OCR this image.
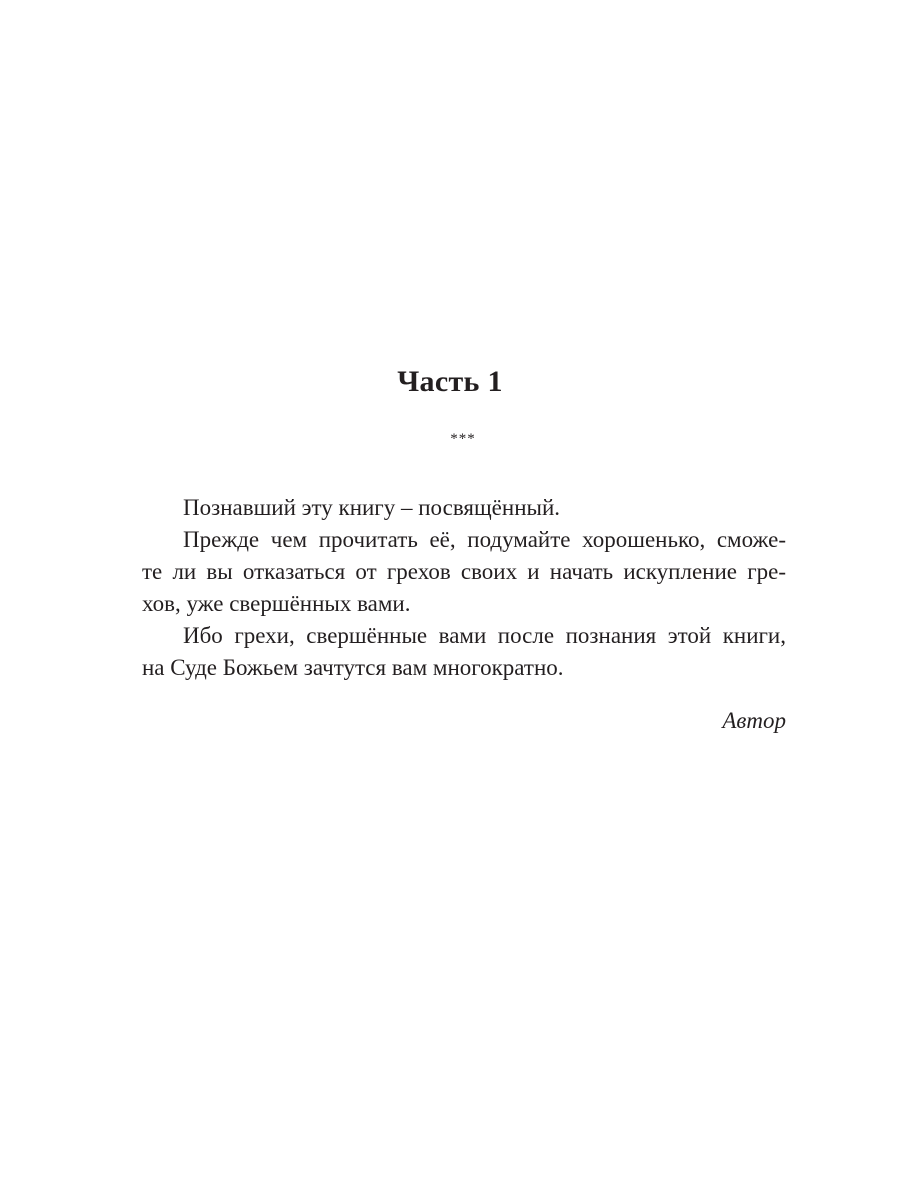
Часть 1
***
Познавший эту книгу – посвящённый.
Прежде чем прочитать её, подумайте хорошенько, сможе-
те ли вы отказаться от грехов своих и начать искупление гре-
хов, уже свершённых вами.
Ибо грехи, свершённые вами после познания этой книги,
на Суде Божьем зачтутся вам многократно.
Автор
